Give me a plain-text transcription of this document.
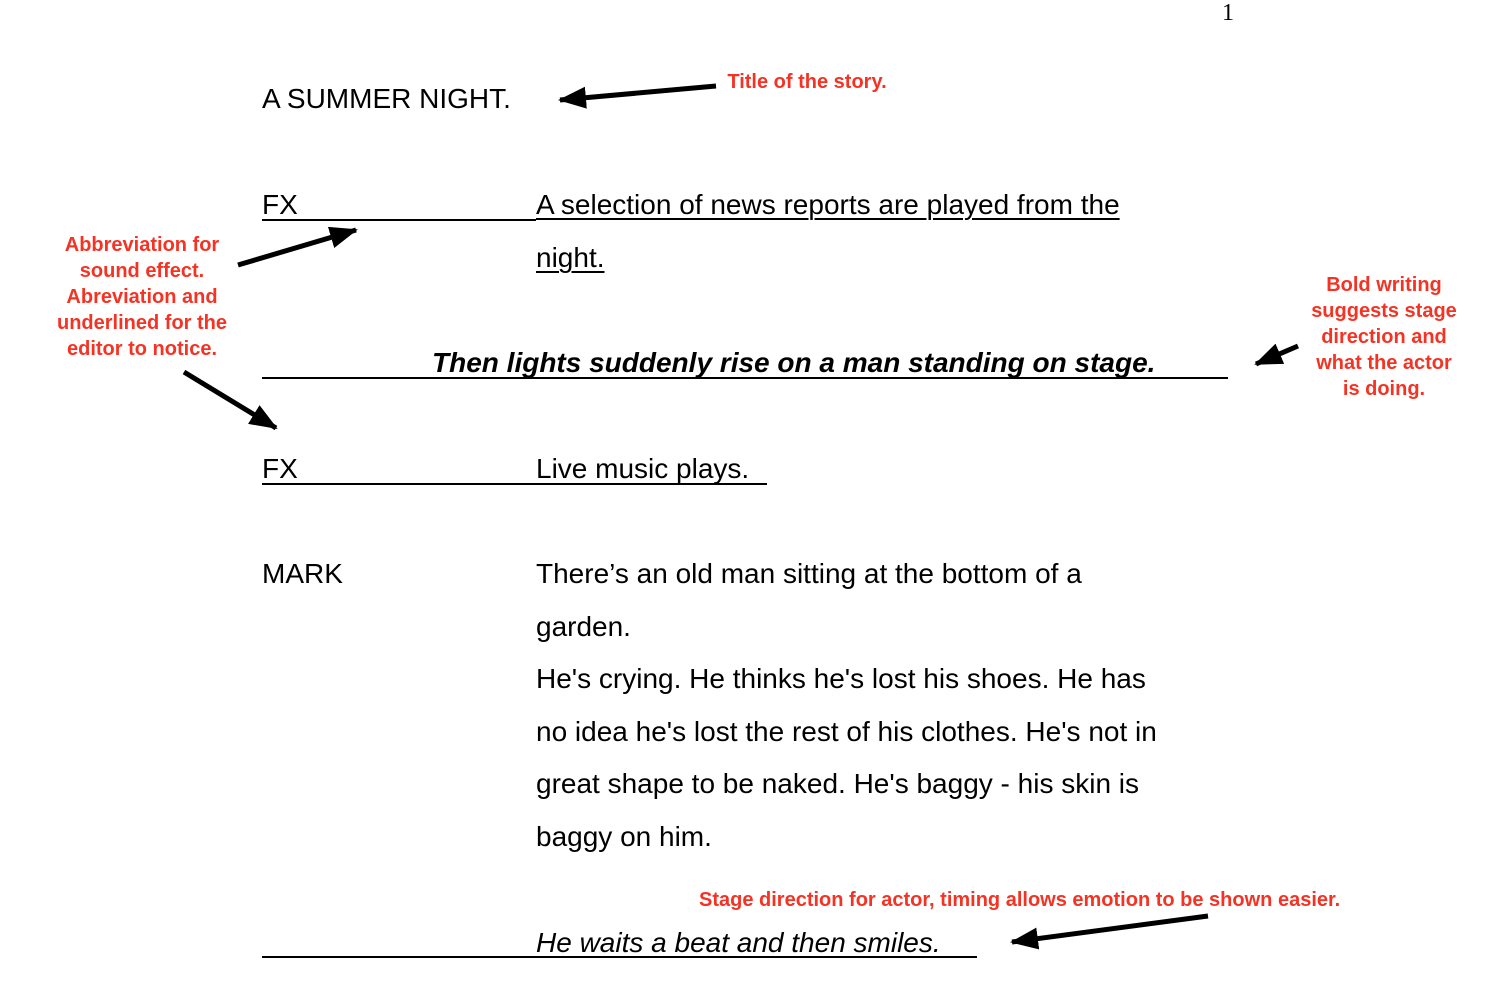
1
A SUMMER NIGHT.
FX	A selection of news reports are played from the
night.
Then lights suddenly rise on a man standing on stage.
FX	Live music plays.
MARK	There’s an old man sitting at the bottom of a
garden.
He's crying. He thinks he's lost his shoes. He has
no idea he's lost the rest of his clothes. He's not in
great shape to be naked. He's baggy - his skin is
baggy on him.
He waits a beat and then smiles.
Title of the story.
Abbreviation for
sound effect.
Abreviation and
underlined for the
editor to notice.
Bold writing
suggests stage
direction and
what the actor
is doing.
Stage direction for actor, timing allows emotion to be shown easier.
